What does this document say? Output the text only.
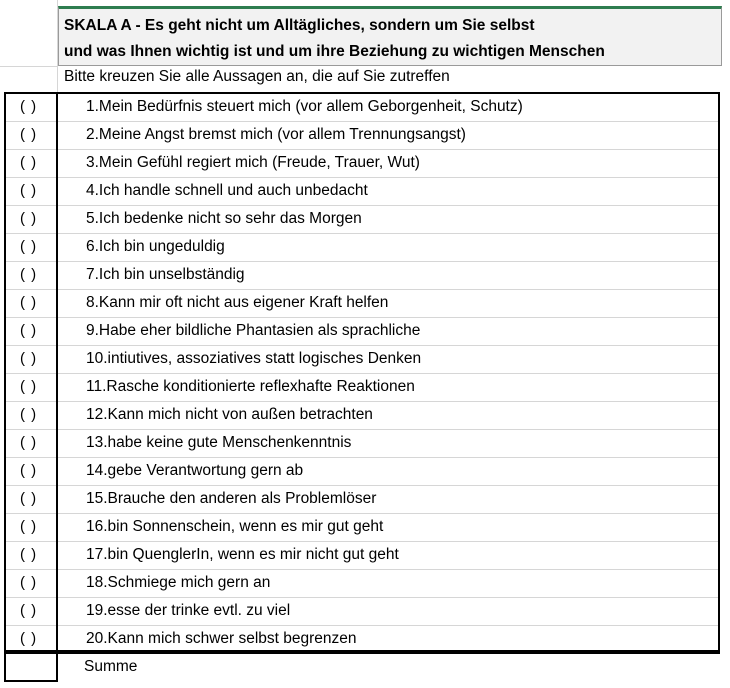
SKALA A - Es geht nicht um Alltägliches, sondern um Sie selbst
und was Ihnen wichtig ist und um ihre Beziehung zu wichtigen Menschen
Bitte kreuzen Sie alle Aussagen an, die auf Sie zutreffen
( )	1.Mein Bedürfnis steuert mich (vor allem Geborgenheit, Schutz)
( )	2.Meine Angst bremst mich (vor allem Trennungsangst)
( )	3.Mein Gefühl regiert mich (Freude, Trauer, Wut)
( )	4.Ich handle schnell und auch unbedacht
( )	5.Ich bedenke nicht so sehr das Morgen
( )	6.Ich bin ungeduldig
( )	7.Ich bin unselbständig
( )	8.Kann mir oft nicht aus eigener Kraft helfen
( )	9.Habe eher bildliche Phantasien als sprachliche
( )	10.intiutives, assoziatives statt logisches Denken
( )	11.Rasche konditionierte reflexhafte Reaktionen
( )	12.Kann mich nicht von außen betrachten
( )	13.habe keine gute Menschenkenntnis
( )	14.gebe Verantwortung gern ab
( )	15.Brauche den anderen als Problemlöser
( )	16.bin Sonnenschein, wenn es mir gut geht
( )	17.bin QuenglerIn, wenn es mir nicht gut geht
( )	18.Schmiege mich gern an
( )	19.esse der trinke evtl. zu viel
( )	20.Kann mich schwer selbst begrenzen
Summe
